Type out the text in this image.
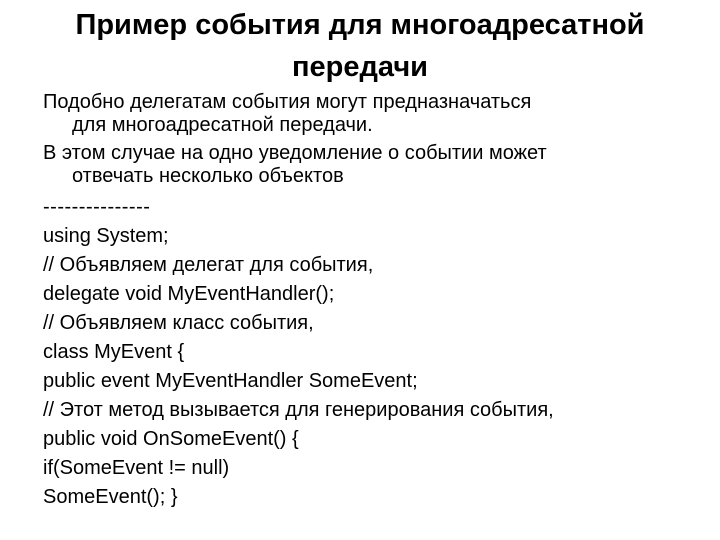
Пример события для многоадресатной
передачи
Подобно делегатам события могут предназначаться
для многоадресатной передачи.
В этом случае на одно уведомление о событии может
отвечать несколько объектов
---------------
using System;
// Объявляем делегат для события,
delegate void MyEventHandler();
// Объявляем класс события,
class MyEvent {
public event MyEventHandler SomeEvent;
// Этот метод вызывается для генерирования события,
public void OnSomeEvent() {
if(SomeEvent != null)
SomeEvent(); }
